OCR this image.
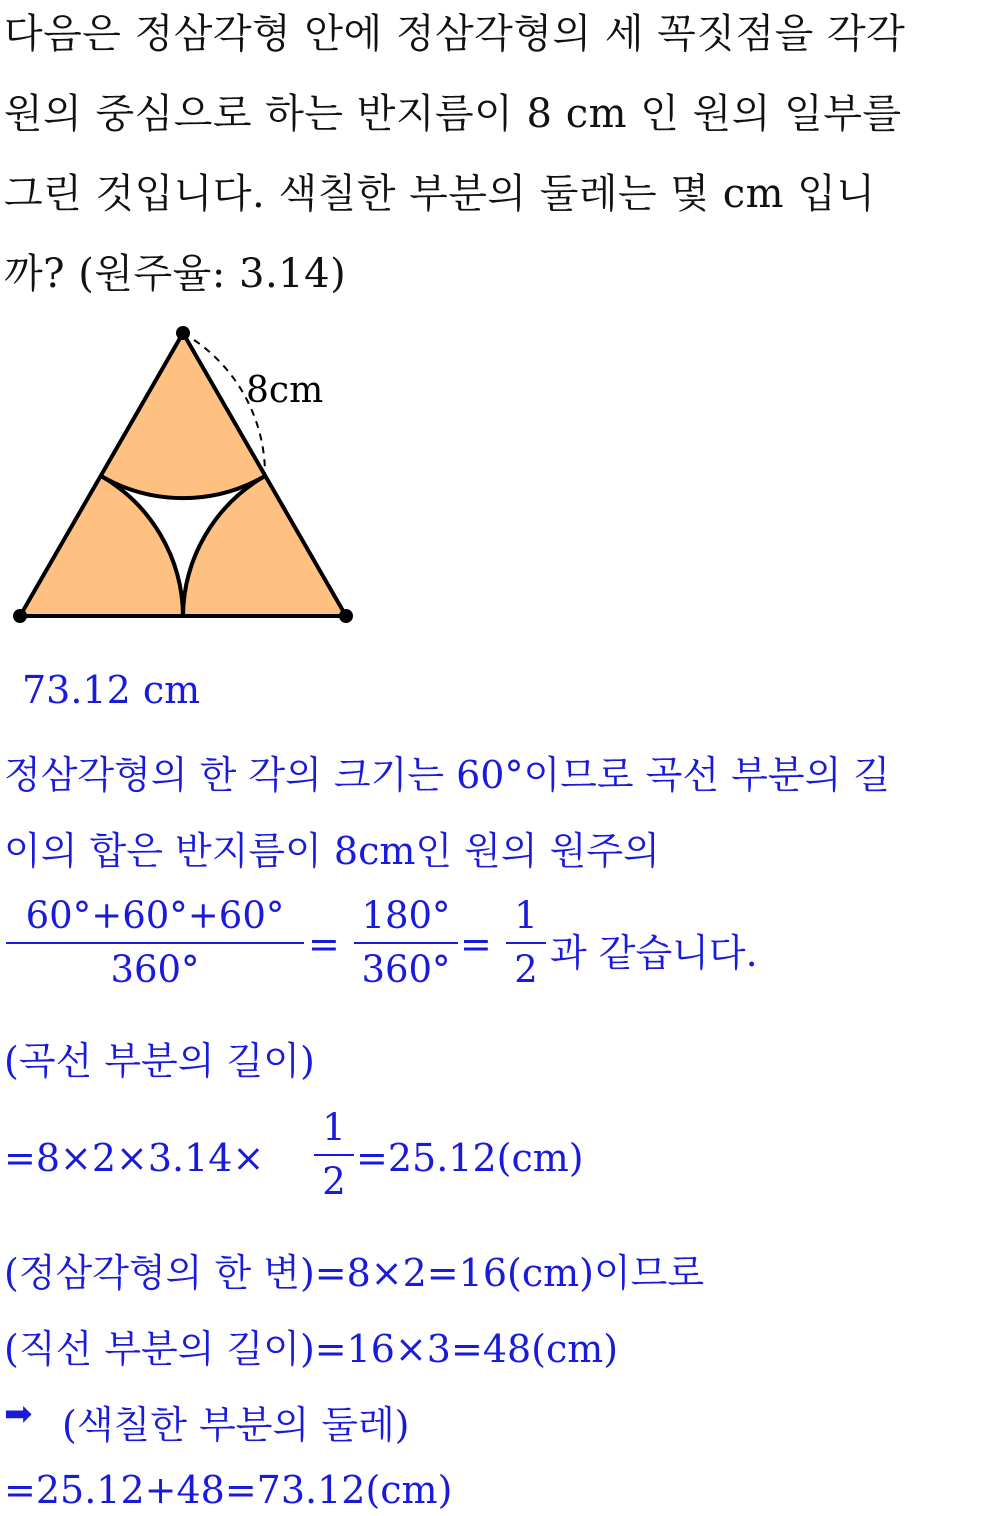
다음은 정삼각형 안에 정삼각형의 세 꼭짓점을 각각
원의 중심으로 하는 반지름이 8 cm 인 원의 일부를
그린 것입니다. 색칠한 부분의 둘레는 몇 cm 입니
까? (원주율: 3.14)
8cm
73.12 cm
정삼각형의 한 각의 크기는 60°이므로 곡선 부분의 길
이의 합은 반지름이 8cm인 원의 원주의
60°+60°+60°
360°
=
180°
360°
=
1
2 과 같습니다.
(곡선 부분의 길이)
=8×2×3.14×
1
2
=25.12(cm)
(정삼각형의 한 변)=8×2=16(cm)이므로
(직선 부분의 길이)=16×3=48(cm)
➡ (색칠한 부분의 둘레)
=25.12+48=73.12(cm)
